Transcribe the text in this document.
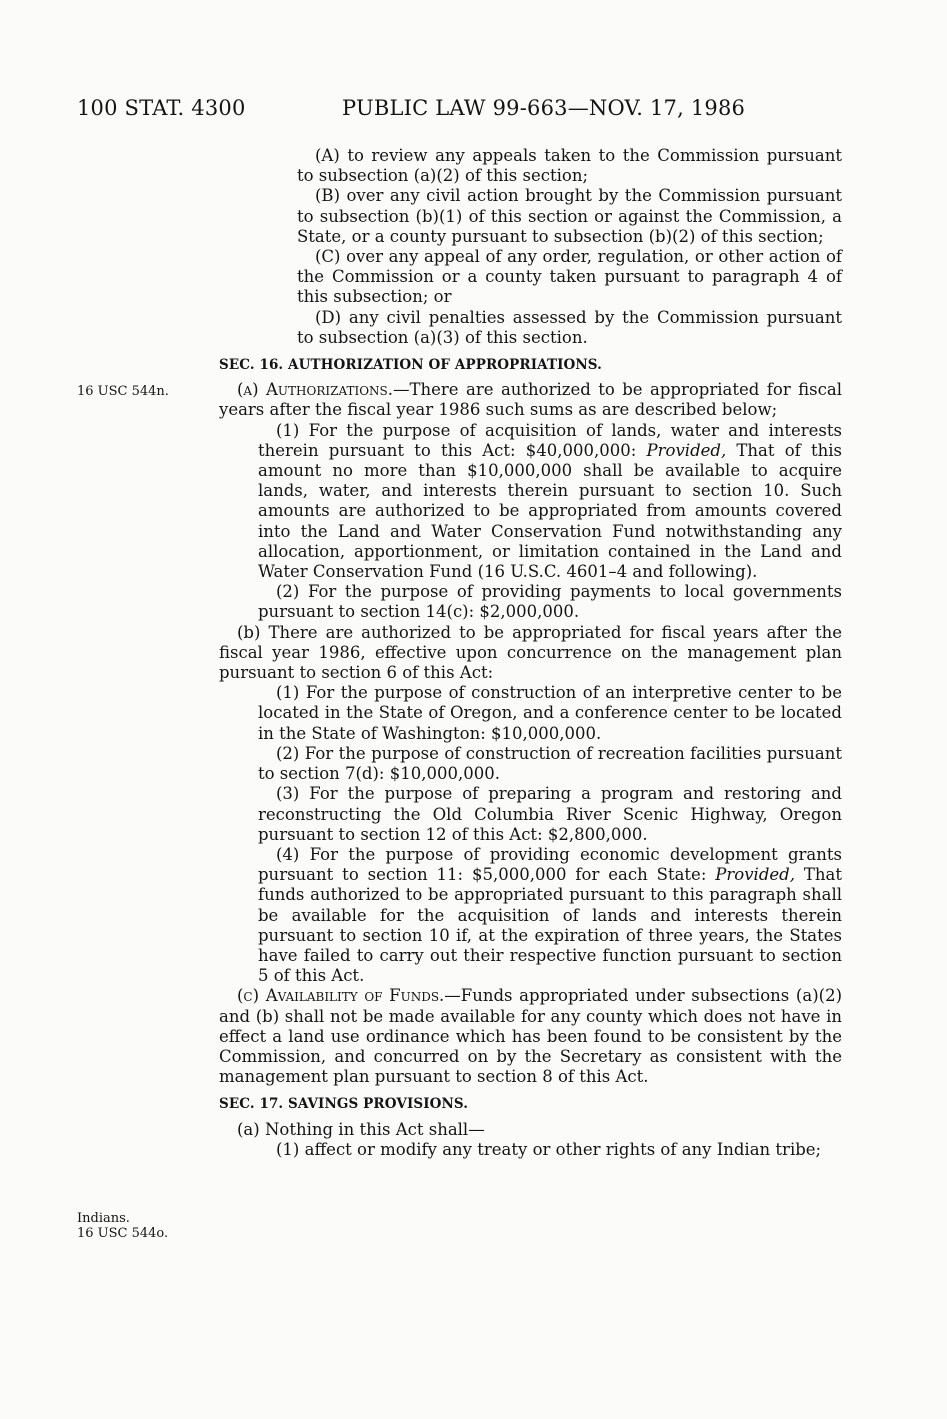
100 STAT. 4300	PUBLIC LAW 99-663—NOV. 17, 1986
16 USC 544n.
Indians.
16 USC 544o.

(A) to review any appeals taken to the Commission pursuant to subsection (a)(2) of this section;

(B) over any civil action brought by the Commission pursuant to subsection (b)(1) of this section or against the Commission, a State, or a county pursuant to subsection (b)(2) of this section;

(C) over any appeal of any order, regulation, or other action of the Commission or a county taken pursuant to paragraph 4 of this subsection; or

(D) any civil penalties assessed by the Commission pursuant to subsection (a)(3) of this section.

SEC. 16. AUTHORIZATION OF APPROPRIATIONS.

(a) Authorizations.—There are authorized to be appropriated for fiscal years after the fiscal year 1986 such sums as are described below;

(1) For the purpose of acquisition of lands, water and interests therein pursuant to this Act: $40,000,000: Provided, That of this amount no more than $10,000,000 shall be available to acquire lands, water, and interests therein pursuant to section 10. Such amounts are authorized to be appropriated from amounts covered into the Land and Water Conservation Fund notwithstanding any allocation, apportionment, or limitation contained in the Land and Water Conservation Fund (16 U.S.C. 4601–4 and following).

(2) For the purpose of providing payments to local governments pursuant to section 14(c): $2,000,000.

(b) There are authorized to be appropriated for fiscal years after the fiscal year 1986, effective upon concurrence on the management plan pursuant to section 6 of this Act:

(1) For the purpose of construction of an interpretive center to be located in the State of Oregon, and a conference center to be located in the State of Washington: $10,000,000.

(2) For the purpose of construction of recreation facilities pursuant to section 7(d): $10,000,000.

(3) For the purpose of preparing a program and restoring and reconstructing the Old Columbia River Scenic Highway, Oregon pursuant to section 12 of this Act: $2,800,000.

(4) For the purpose of providing economic development grants pursuant to section 11: $5,000,000 for each State: Provided, That funds authorized to be appropriated pursuant to this paragraph shall be available for the acquisition of lands and interests therein pursuant to section 10 if, at the expiration of three years, the States have failed to carry out their respective function pursuant to section 5 of this Act.

(c) Availability of Funds.—Funds appropriated under subsections (a)(2) and (b) shall not be made available for any county which does not have in effect a land use ordinance which has been found to be consistent by the Commission, and concurred on by the Secretary as consistent with the management plan pursuant to section 8 of this Act.

SEC. 17. SAVINGS PROVISIONS.

(a) Nothing in this Act shall—

(1) affect or modify any treaty or other rights of any Indian tribe;
